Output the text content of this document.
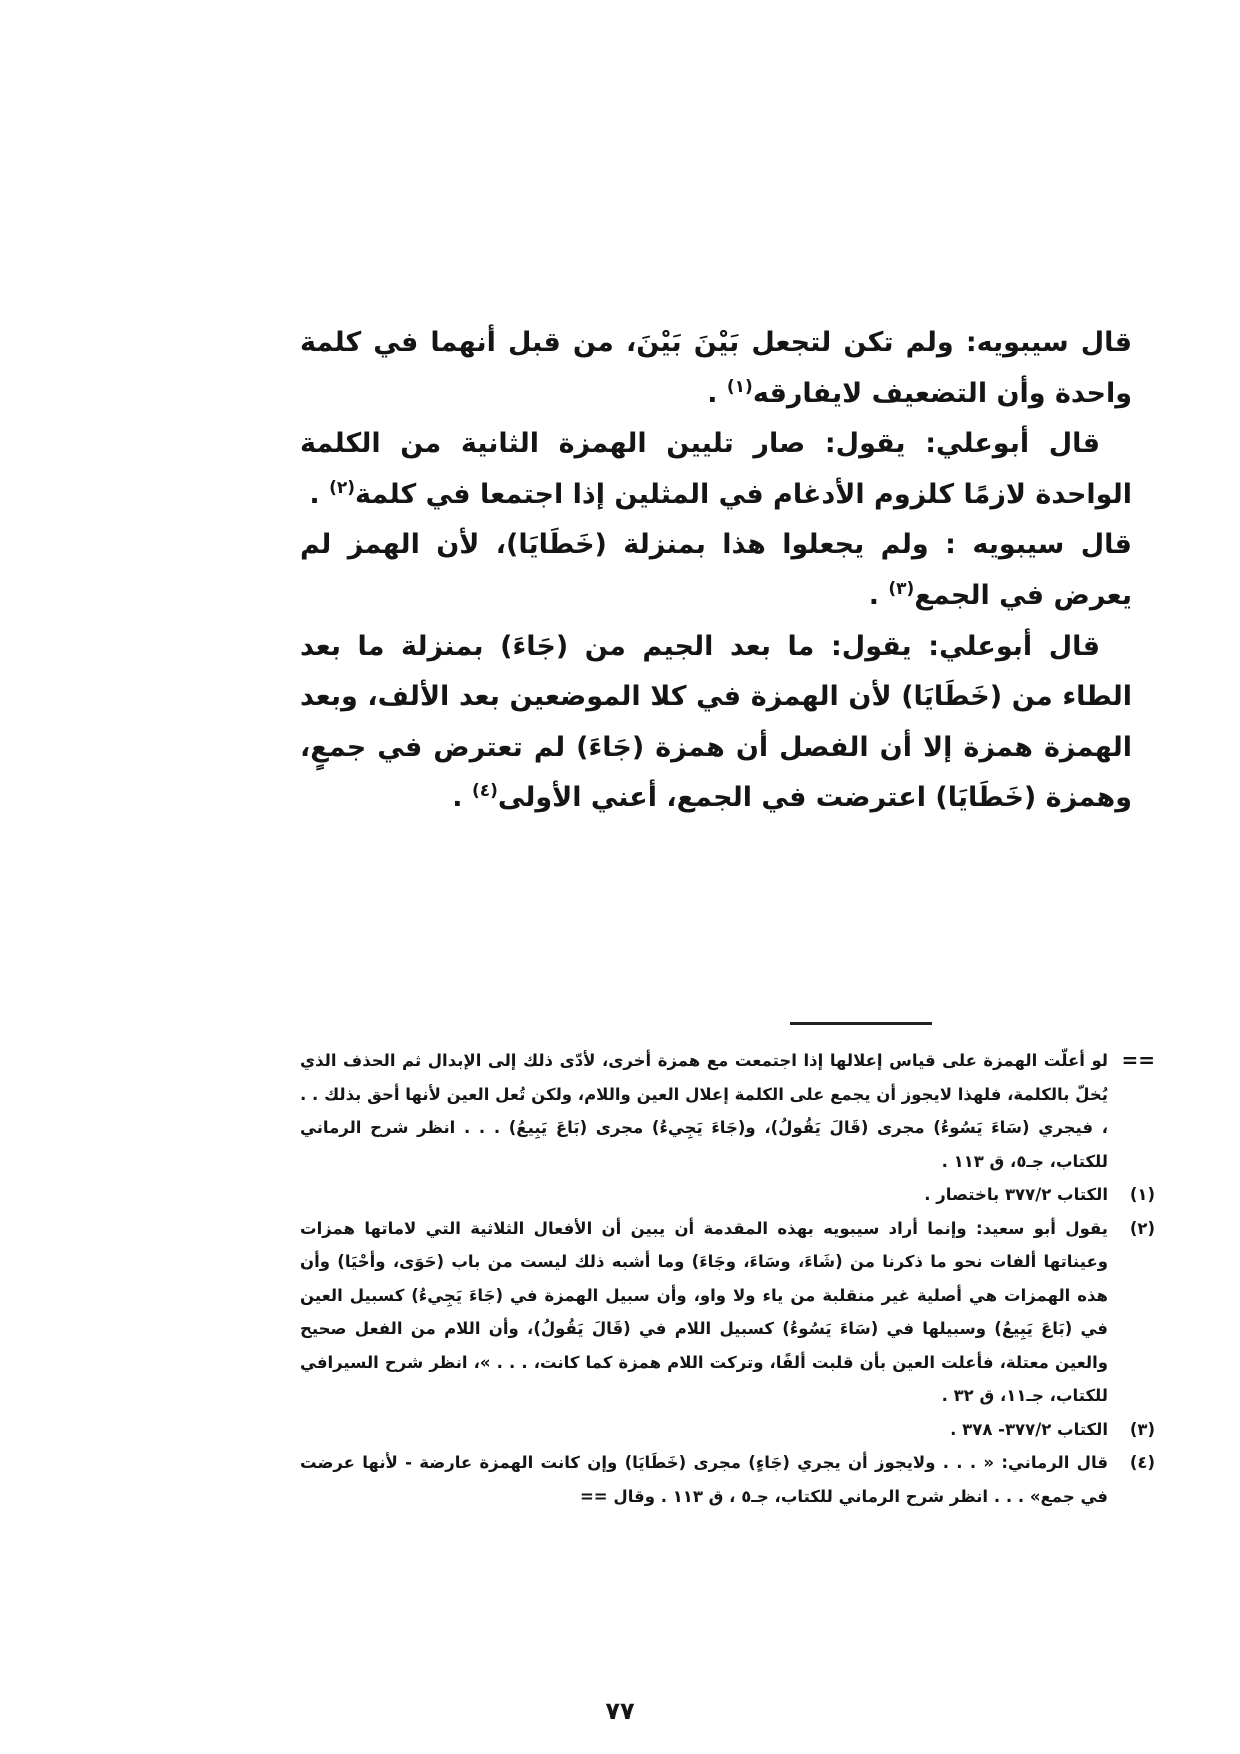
قال سيبويه: ولم تكن لتجعل بَيْنَ بَيْنَ، من قبل أنهما في كلمة واحدة وأن التضعيف لايفارقه$^{(١)}$ .

قال أبوعلي: يقول: صار تليين الهمزة الثانية من الكلمة الواحدة لازمًا كلزوم الأدغام في المثلين إذا اجتمعا في كلمة$^{(٢)}$ .

قال سيبويه : ولم يجعلوا هذا بمنزلة (خَطَايَا)، لأن الهمز لم يعرض في الجمع$^{(٣)}$ .

قال أبوعلي: يقول: ما بعد الجيم من (جَاءَ) بمنزلة ما بعد الطاء من (خَطَايَا) لأن الهمزة في كلا الموضعين بعد الألف، وبعد الهمزة همزة إلا أن الفصل أن همزة (جَاءَ) لم تعترض في جمعٍ، وهمزة (خَطَايَا) اعترضت في الجمع، أعني الأولى$^{(٤)}$ .

==
لو أعلّت الهمزة على قياس إعلالها إذا اجتمعت مع همزة أخرى، لأدّى ذلك إلى الإبدال ثم الحذف الذي يُخلّ بالكلمة، فلهذا لايجوز أن يجمع على الكلمة إعلال العين واللام، ولكن تُعل العين لأنها أحق بذلك . . ، فيجري (سَاءَ يَسُوءُ) مجرى (قَالَ يَقُولُ)، و(جَاءَ يَجِيءُ) مجرى (بَاعَ يَبِيعُ) . . . انظر شرح الرماني للكتاب، جـ٥، ق ١١٣ .
(١)
الكتاب ٣٧٧/٢ باختصار .
(٢)
يقول أبو سعيد: وإنما أراد سيبويه بهذه المقدمة أن يبين أن الأفعال الثلاثية التي لاماتها همزات وعيناتها ألفات نحو ما ذكرنا من (شَاءَ، وسَاءَ، وجَاءَ) وما أشبه ذلك ليست من باب (حَوَى، وأحْيَا) وأن هذه الهمزات هي أصلية غير منقلبة من ياء ولا واو، وأن سبيل الهمزة في (جَاءَ يَجِيءُ) كسبيل العين في (بَاعَ يَبِيعُ) وسبيلها في (سَاءَ يَسُوءُ) كسبيل اللام في (قَالَ يَقُولُ)، وأن اللام من الفعل صحيح والعين معتلة، فأعلت العين بأن قلبت ألفًا، وتركت اللام همزة كما كانت، . . . »، انظر شرح السيرافي للكتاب، جـ١١، ق ٣٢ .
(٣)
الكتاب ٣٧٧/٢- ٣٧٨ .
(٤)
قال الرماني: « . . . ولايجوز أن يجري (جَاءٍ) مجرى (خَطَايَا) وإن كانت الهمزة عارضة - لأنها عرضت في جمع» . . . انظر شرح الرماني للكتاب، جـ٥ ، ق ١١٣ . وقال ==
٧٧
